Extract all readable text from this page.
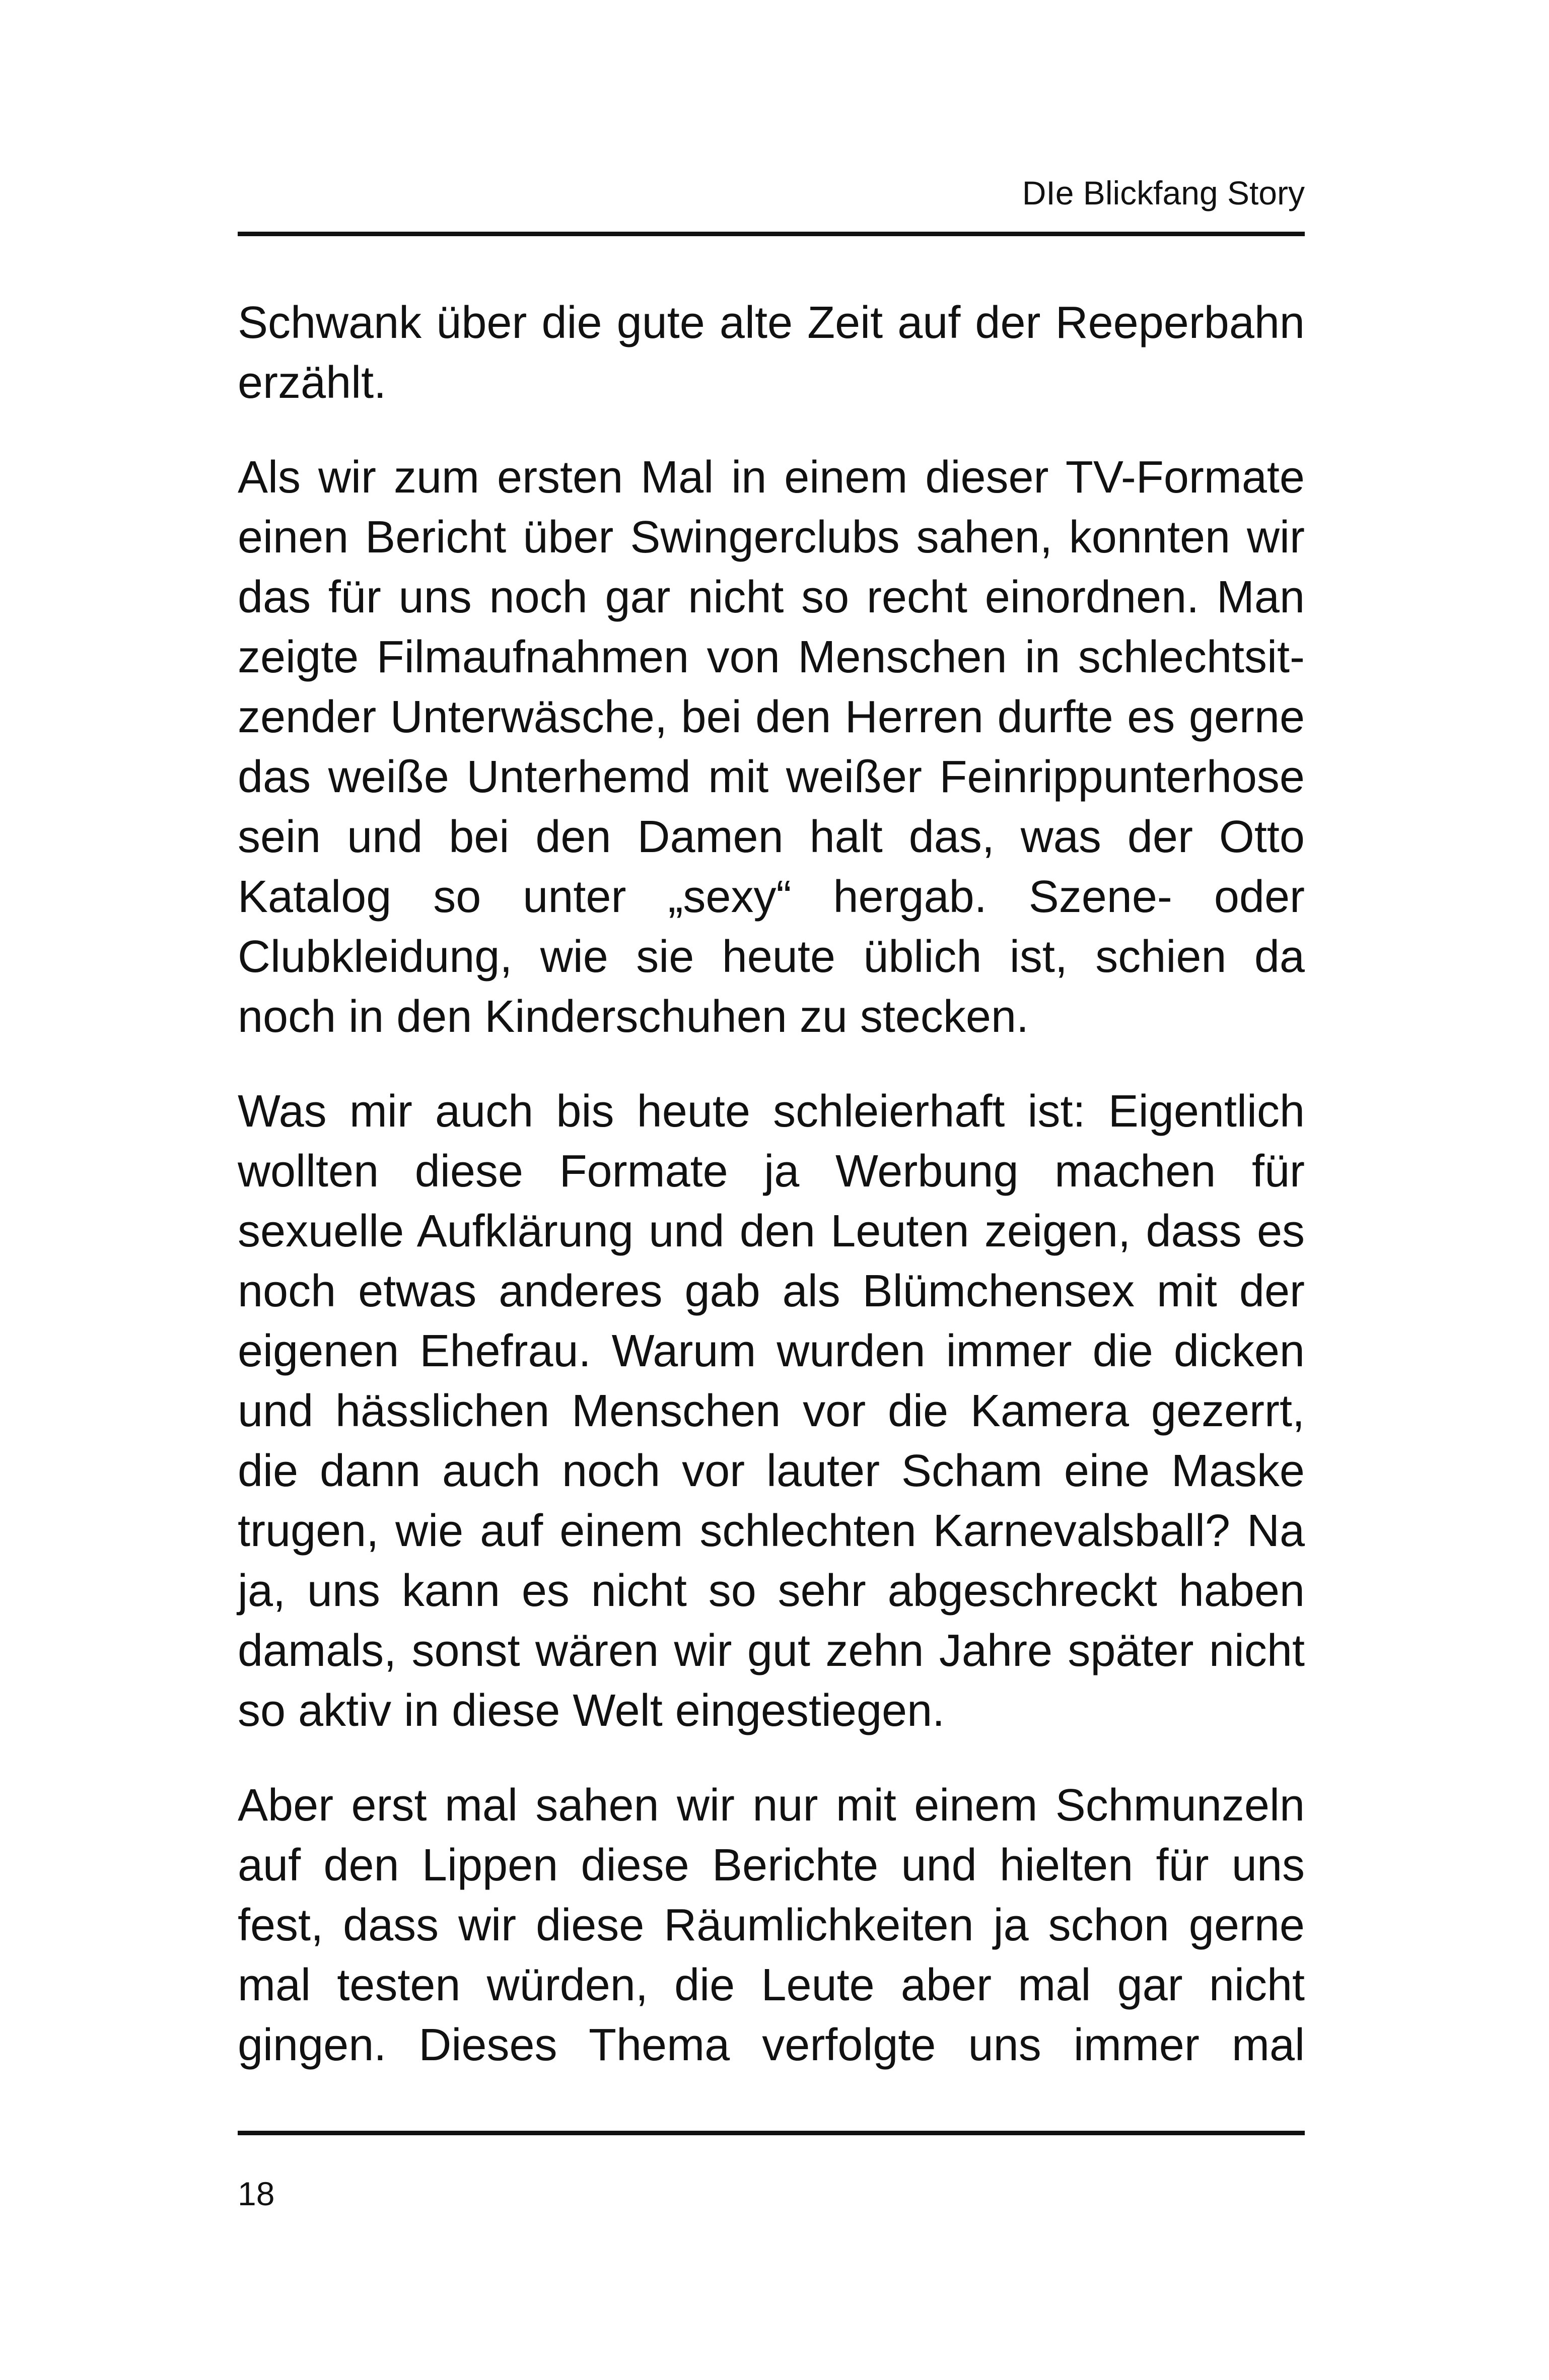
DIe Blickfang Story

Schwank über die gute alte Zeit auf der Reeperbahn erzählt.

Als wir zum ersten Mal in einem dieser TV-Formate einen Bericht über Swingerclubs sahen, konnten wir das für uns noch gar nicht so recht einordnen. Man zeigte Filmaufnahmen von Menschen in schlechtsitzender Unterwäsche, bei den Herren durfte es gerne das weiße Unterhemd mit weißer Feinrippunterhose sein und bei den Damen halt das, was der Otto Katalog so unter „sexy“ hergab. Szene- oder Clubkleidung, wie sie heute üblich ist, schien da noch in den Kinderschuhen zu stecken.

Was mir auch bis heute schleierhaft ist: Eigentlich wollten diese Formate ja Werbung machen für sexuelle Aufklärung und den Leuten zeigen, dass es noch etwas anderes gab als Blümchensex mit der eigenen Ehefrau. Warum wurden immer die dicken und hässlichen Menschen vor die Kamera gezerrt, die dann auch noch vor lauter Scham eine Maske trugen, wie auf einem schlechten Karnevalsball? Na ja, uns kann es nicht so sehr abgeschreckt haben damals, sonst wären wir gut zehn Jahre später nicht so aktiv in diese Welt eingestiegen.

Aber erst mal sahen wir nur mit einem Schmunzeln auf den Lippen diese Berichte und hielten für uns fest, dass wir diese Räumlichkeiten ja schon gerne mal testen würden, die Leute aber mal gar nicht gingen. Dieses Thema verfolgte uns immer mal

18
